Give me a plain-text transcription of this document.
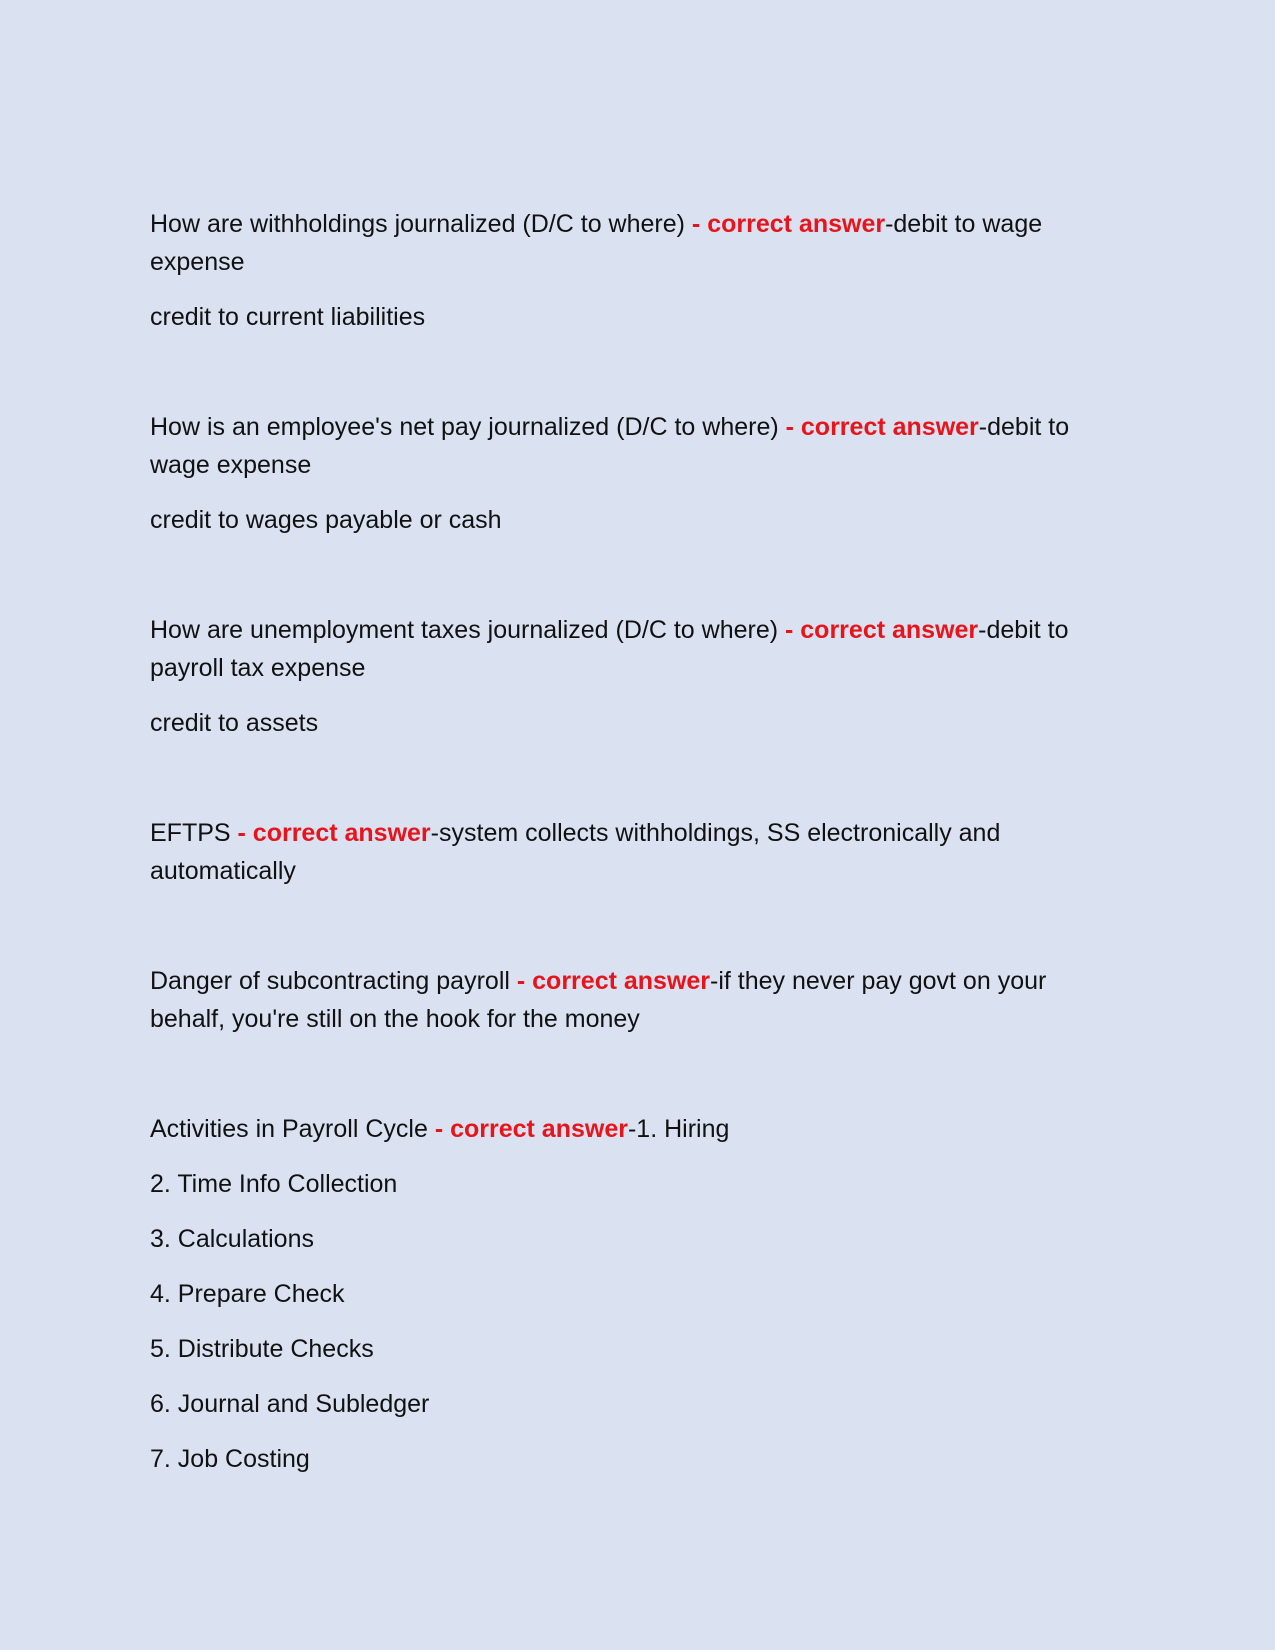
How are withholdings journalized (D/C to where) - correct answer-debit to wage expense

credit to current liabilities

How is an employee's net pay journalized (D/C to where) - correct answer-debit to wage expense

credit to wages payable or cash

How are unemployment taxes journalized (D/C to where) - correct answer-debit to payroll tax expense

credit to assets

EFTPS - correct answer-system collects withholdings, SS electronically and automatically

Danger of subcontracting payroll - correct answer-if they never pay govt on your behalf, you're still on the hook for the money

Activities in Payroll Cycle - correct answer-1. Hiring

2. Time Info Collection

3. Calculations

4. Prepare Check

5. Distribute Checks

6. Journal and Subledger

7. Job Costing
